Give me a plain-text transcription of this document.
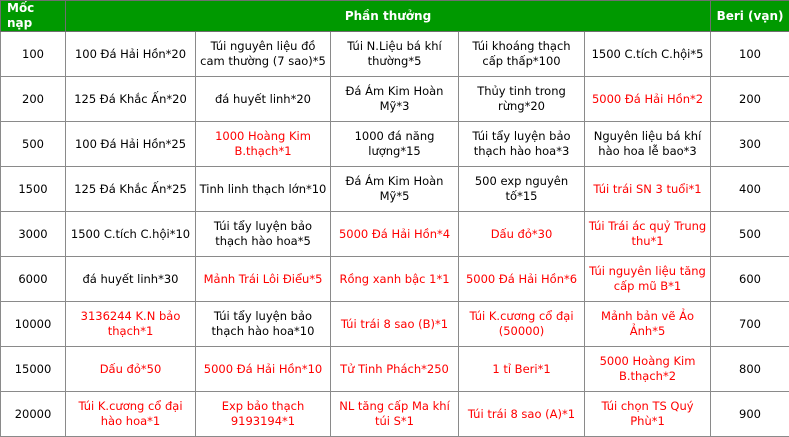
Mốc nạp	Phần thưởng					Beri (vạn)
100	100 Đá Hải Hồn*20	Túi nguyên liệu đồ cam thường (7 sao)*5	Túi N.Liệu bá khí thường*5	Túi khoáng thạch cấp thấp*100	1500 C.tích C.hội*5	100
200	125 Đá Khắc Ấn*20	đá huyết linh*20	Đá Ám Kim Hoàn Mỹ*3	Thủy tinh trong rừng*20	5000 Đá Hải Hồn*2	200
500	100 Đá Hải Hồn*25	1000 Hoàng Kim B.thạch*1	1000 đá năng lượng*15	Túi tẩy luyện bảo thạch hào hoa*3	Nguyên liệu bá khí hào hoa lễ bao*3	300
1500	125 Đá Khắc Ấn*25	Tinh linh thạch lớn*10	Đá Ám Kim Hoàn Mỹ*5	500 exp nguyên tố*15	Túi trái SN 3 tuổi*1	400
3000	1500 C.tích C.hội*10	Túi tẩy luyện bảo thạch hào hoa*5	5000 Đá Hải Hồn*4	Dấu đỏ*30	Túi Trái ác quỷ Trung thu*1	500
6000	đá huyết linh*30	Mảnh Trái Lôi Điểu*5	Rồng xanh bậc 1*1	5000 Đá Hải Hồn*6	Túi nguyên liệu tăng cấp mũ B*1	600
10000	3136244 K.N bảo thạch*1	Túi tẩy luyện bảo thạch hào hoa*10	Túi trái 8 sao (B)*1	Túi K.cương cổ đại (50000)	Mảnh bản vẽ Ảo Ảnh*5	700
15000	Dấu đỏ*50	5000 Đá Hải Hồn*10	Tử Tinh Phách*250	1 tỉ Beri*1	5000 Hoàng Kim B.thạch*2	800
20000	Túi K.cương cổ đại hào hoa*1	Exp bảo thạch 9193194*1	NL tăng cấp Ma khí túi S*1	Túi trái 8 sao (A)*1	Túi chọn TS Quý Phù*1	900
